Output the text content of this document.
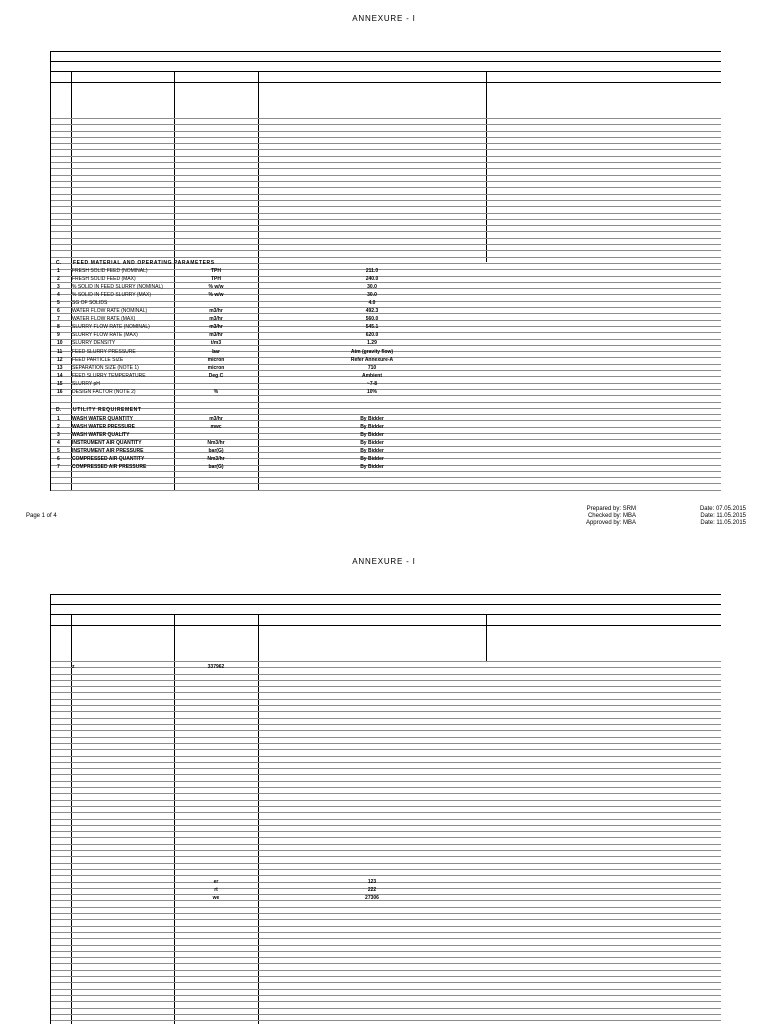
ANNEXURE - I
C. FEED MATERIAL AND OPERATING PARAMETERS
1 FRESH SOLID FEED (NOMINAL)	TPH	211.0
2 FRESH SOLID FEED (MAX)	TPH	240.0
3 % SOLID IN FEED SLURRY (NOMINAL)	% w/w	30.0
4 % SOLID IN FEED SLURRY (MAX)	% w/w	30.0
5 SG OF SOLIDS	4.0
6 WATER FLOW RATE (NOMINAL)	m3/hr	492.3
7 WATER FLOW RATE (MAX)	m3/hr	560.0
8 SLURRY FLOW RATE (NOMINAL)	m3/hr	545.1
9 SLURRY FLOW RATE (MAX)	m3/hr	620.0
10 SLURRY DENSITY	t/m3	1.29
11 FEED SLURRY PRESSURE	bar	Atm (gravity flow)
12 FEED PARTICLE SIZE	micron	Refer Annexure-A
13 SEPARATION SIZE (NOTE 1)	micron	710
14 FEED SLURRY TEMPERATURE	Deg C	Ambient
15 SLURRY pH	~7-8
16 DESIGN FACTOR (NOTE 2)	%	10%
D. UTILITY REQUIREMENT
1 WASH WATER QUANTITY	m3/hr	By Bidder
2 WASH WATER PRESSURE	mwc	By Bidder
3 WASH WATER QUALITY	By Bidder
4 INSTRUMENT AIR QUANTITY	Nm3/hr	By Bidder
5 INSTRUMENT AIR PRESSURE	bar(G)	By Bidder
6 COMPRESSED AIR QUANTITY	Nm3/hr	By Bidder
7 COMPRESSED AIR PRESSURE	bar(G)	By Bidder
Page 1 of 4
Prepared by: SRM
Checked by: MBA
Approved by: MBA
Date: 07.05.2015
Date: 11.05.2015
Date: 11.05.2015
ANNEXURE - I
z	337962
er	123
rt	222
we	27306
